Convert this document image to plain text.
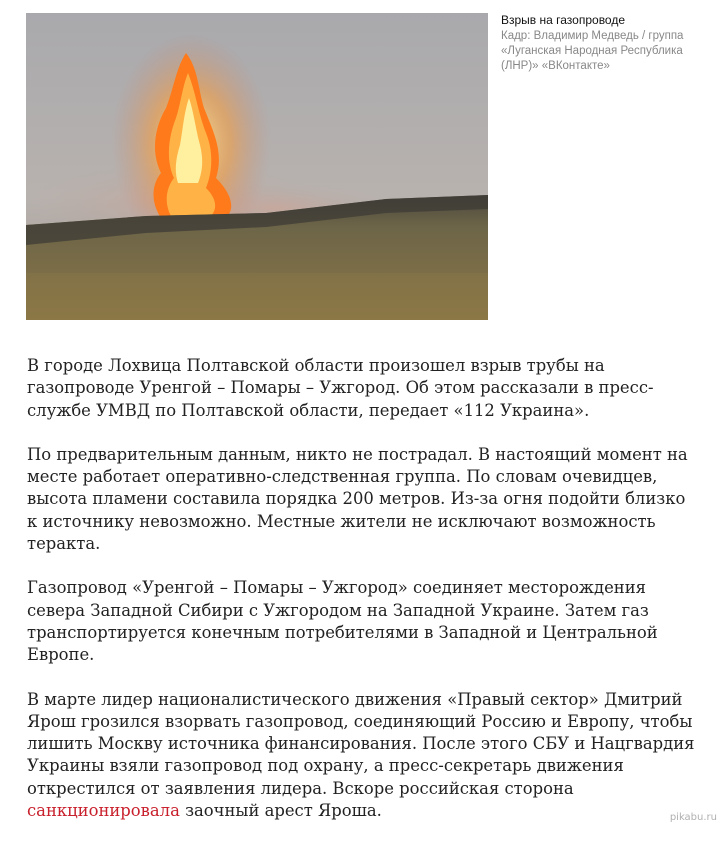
Взрыв на газопроводе

Кадр: Владимир Медведь / группа «Луганская Народная Республика (ЛНР)» «ВКонтакте»

В городе Лохвица Полтавской области произошел взрыв трубы на газопроводе Уренгой – Помары – Ужгород. Об этом рассказали в пресс-службе УМВД по Полтавской области, передает «112 Украина».

По предварительным данным, никто не пострадал. В настоящий момент на месте работает оперативно-следственная группа. По словам очевидцев, высота пламени составила порядка 200 метров. Из-за огня подойти близко к источнику невозможно. Местные жители не исключают возможность теракта.

Газопровод «Уренгой – Помары – Ужгород» соединяет месторождения севера Западной Сибири с Ужгородом на Западной Украине. Затем газ транспортируется конечным потребителями в Западной и Центральной Европе.

В марте лидер националистического движения «Правый сектор» Дмитрий Ярош грозился взорвать газопровод, соединяющий Россию и Европу, чтобы лишить Москву источника финансирования. После этого СБУ и Нацгвардия Украины взяли газопровод под охрану, а пресс-секретарь движения открестился от заявления лидера. Вскоре российская сторона санкционировала заочный арест Яроша.	pikabu.ru
